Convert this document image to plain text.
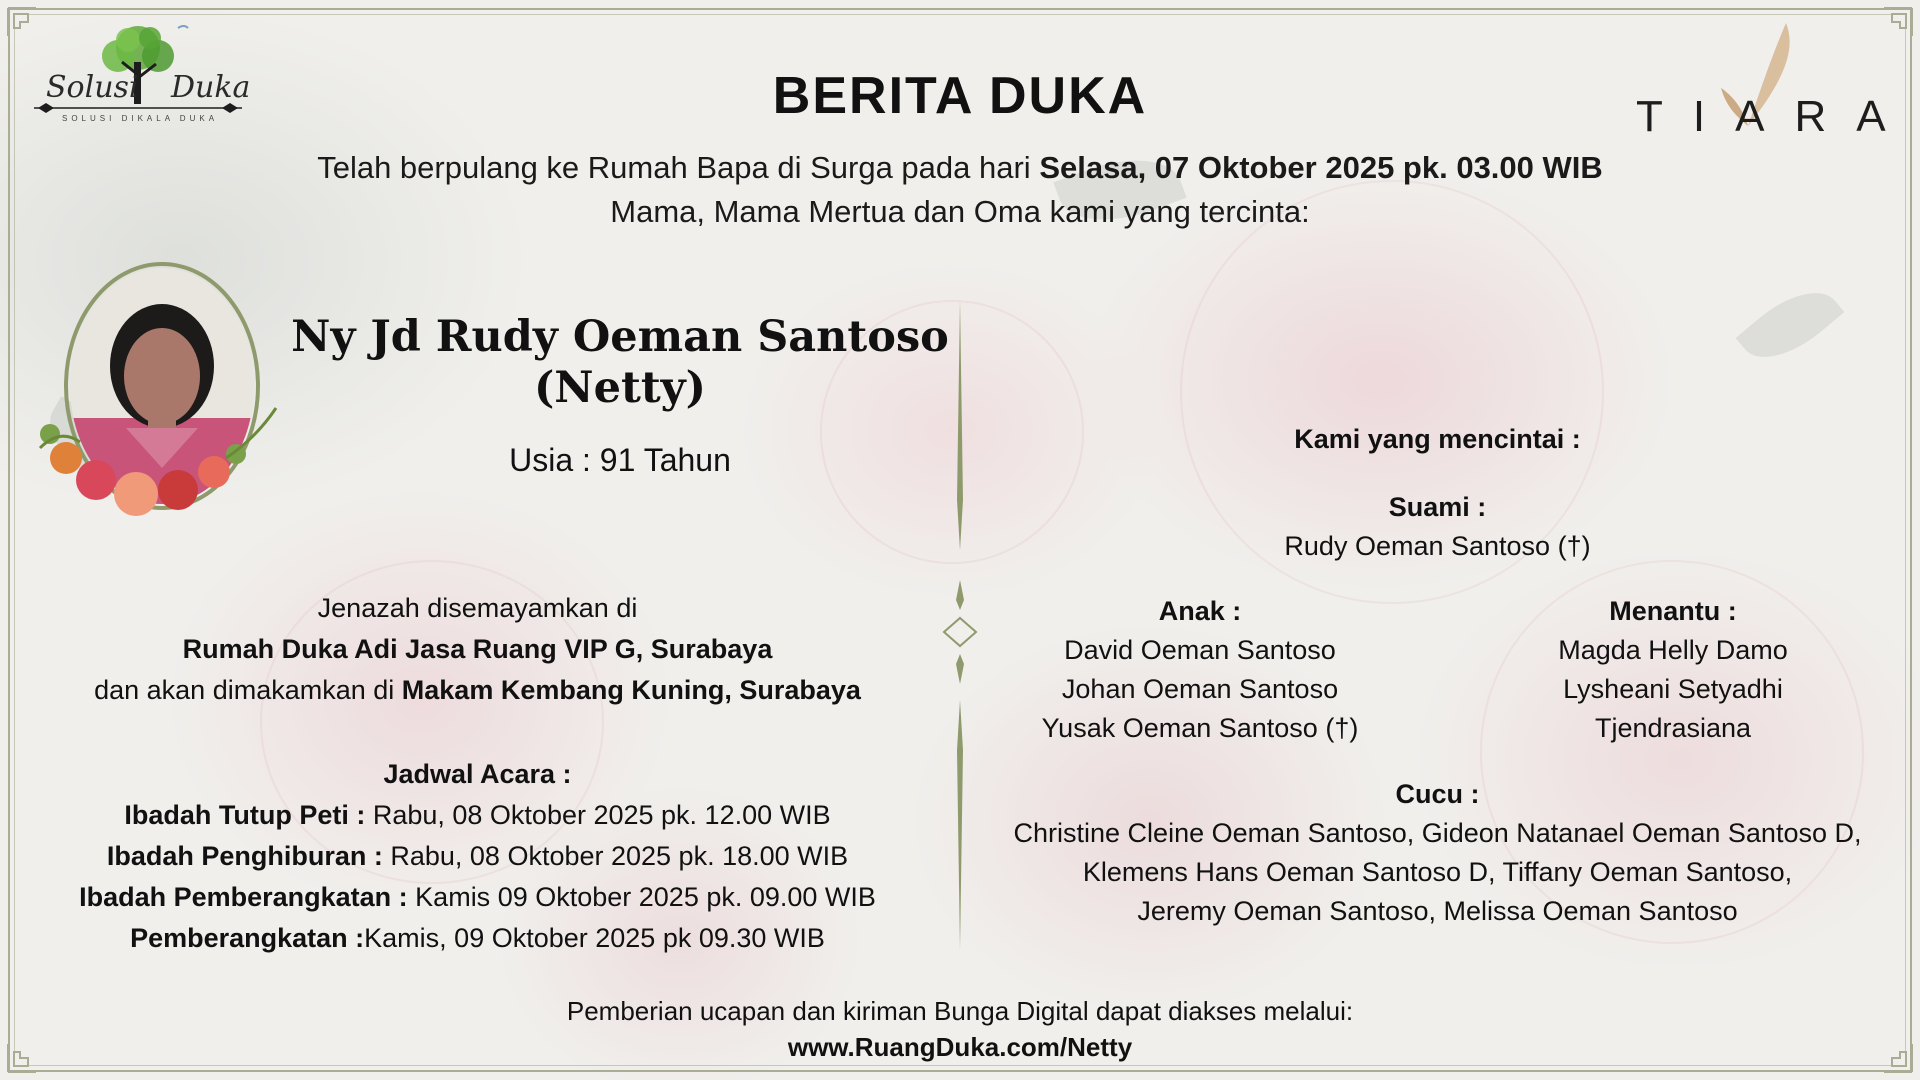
Solusi Duka
SOLUSI DIKALA DUKA	TIARA
BERITA DUKA
Telah berpulang ke Rumah Bapa di Surga pada hari Selasa, 07 Oktober 2025 pk. 03.00 WIB
Mama, Mama Mertua dan Oma kami yang tercinta:
Ny Jd Rudy Oeman Santoso
(Netty)
Usia : 91 Tahun
Jenazah disemayamkan di
Rumah Duka Adi Jasa Ruang VIP G, Surabaya
dan akan dimakamkan di Makam Kembang Kuning, Surabaya
Jadwal Acara :
Ibadah Tutup Peti : Rabu, 08 Oktober 2025 pk. 12.00 WIB
Ibadah Penghiburan : Rabu, 08 Oktober 2025 pk. 18.00 WIB
Ibadah Pemberangkatan : Kamis 09 Oktober 2025 pk. 09.00 WIB
Pemberangkatan :Kamis, 09 Oktober 2025 pk 09.30 WIB
Kami yang mencintai :
Suami :
Rudy Oeman Santoso (†)
Anak :
David Oeman Santoso
Johan Oeman Santoso
Yusak Oeman Santoso (†)
Menantu :
Magda Helly Damo
Lysheani Setyadhi
Tjendrasiana
Cucu :
Christine Cleine Oeman Santoso, Gideon Natanael Oeman Santoso D,
Klemens Hans Oeman Santoso D, Tiffany Oeman Santoso,
Jeremy Oeman Santoso, Melissa Oeman Santoso
Pemberian ucapan dan kiriman Bunga Digital dapat diakses melalui:
www.RuangDuka.com/Netty
